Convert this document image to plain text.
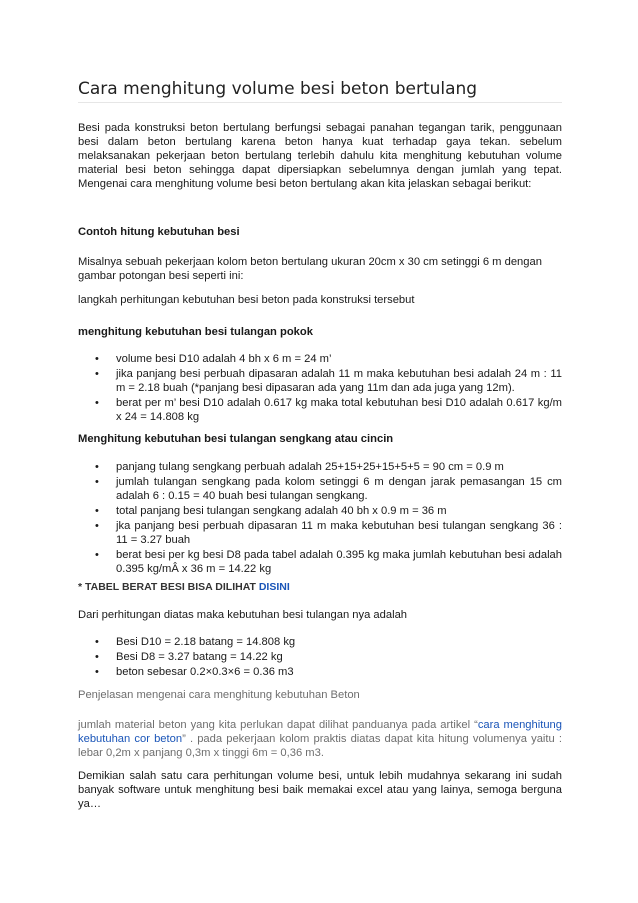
Cara menghitung volume besi beton bertulang

Besi pada konstruksi beton bertulang berfungsi sebagai panahan tegangan tarik, penggunaan besi dalam beton bertulang karena beton hanya kuat terhadap gaya tekan. sebelum melaksanakan pekerjaan beton bertulang terlebih dahulu kita menghitung kebutuhan volume material besi beton sehingga dapat dipersiapkan sebelumnya dengan jumlah yang tepat. Mengenai cara menghitung volume besi beton bertulang akan kita jelaskan sebagai berikut:

Contoh hitung kebutuhan besi

Misalnya sebuah pekerjaan kolom beton bertulang ukuran 20cm x 30 cm setinggi 6 m dengan gambar potongan besi seperti ini:

langkah perhitungan kebutuhan besi beton pada konstruksi tersebut

menghitung kebutuhan besi tulangan pokok

• volume besi D10 adalah 4 bh x 6 m = 24 m’
• jika panjang besi perbuah dipasaran adalah 11 m maka kebutuhan besi adalah 24 m : 11 m = 2.18 buah (*panjang besi dipasaran ada yang 11m dan ada juga yang 12m).
• berat per m’ besi D10 adalah 0.617 kg maka total kebutuhan besi D10 adalah 0.617 kg/m x 24 = 14.808 kg

Menghitung kebutuhan besi tulangan sengkang atau cincin

• panjang tulang sengkang perbuah adalah 25+15+25+15+5+5 = 90 cm = 0.9 m
• jumlah tulangan sengkang pada kolom setinggi 6 m dengan jarak pemasangan 15 cm adalah 6 : 0.15 = 40 buah besi tulangan sengkang.
• total panjang besi tulangan sengkang adalah 40 bh x 0.9 m = 36 m
• jka panjang besi perbuah dipasaran 11 m maka kebutuhan besi tulangan sengkang 36 : 11 = 3.27 buah
• berat besi per kg besi D8 pada tabel adalah 0.395 kg maka jumlah kebutuhan besi adalah 0.395 kg/mÂ x 36 m = 14.22 kg

* TABEL BERAT BESI BISA DILIHAT DISINI

Dari perhitungan diatas maka kebutuhan besi tulangan nya adalah

• Besi D10 = 2.18 batang = 14.808 kg
• Besi D8 = 3.27 batang = 14.22 kg
• beton sebesar 0.2×0.3×6 = 0.36 m3

Penjelasan mengenai cara menghitung kebutuhan Beton

jumlah material beton yang kita perlukan dapat dilihat panduanya pada artikel “cara menghitung kebutuhan cor beton” . pada pekerjaan kolom praktis diatas dapat kita hitung volumenya yaitu : lebar 0,2m x panjang 0,3m x tinggi 6m = 0,36 m3.

Demikian salah satu cara perhitungan volume besi, untuk lebih mudahnya sekarang ini sudah banyak software untuk menghitung besi baik memakai excel atau yang lainya, semoga berguna ya…
